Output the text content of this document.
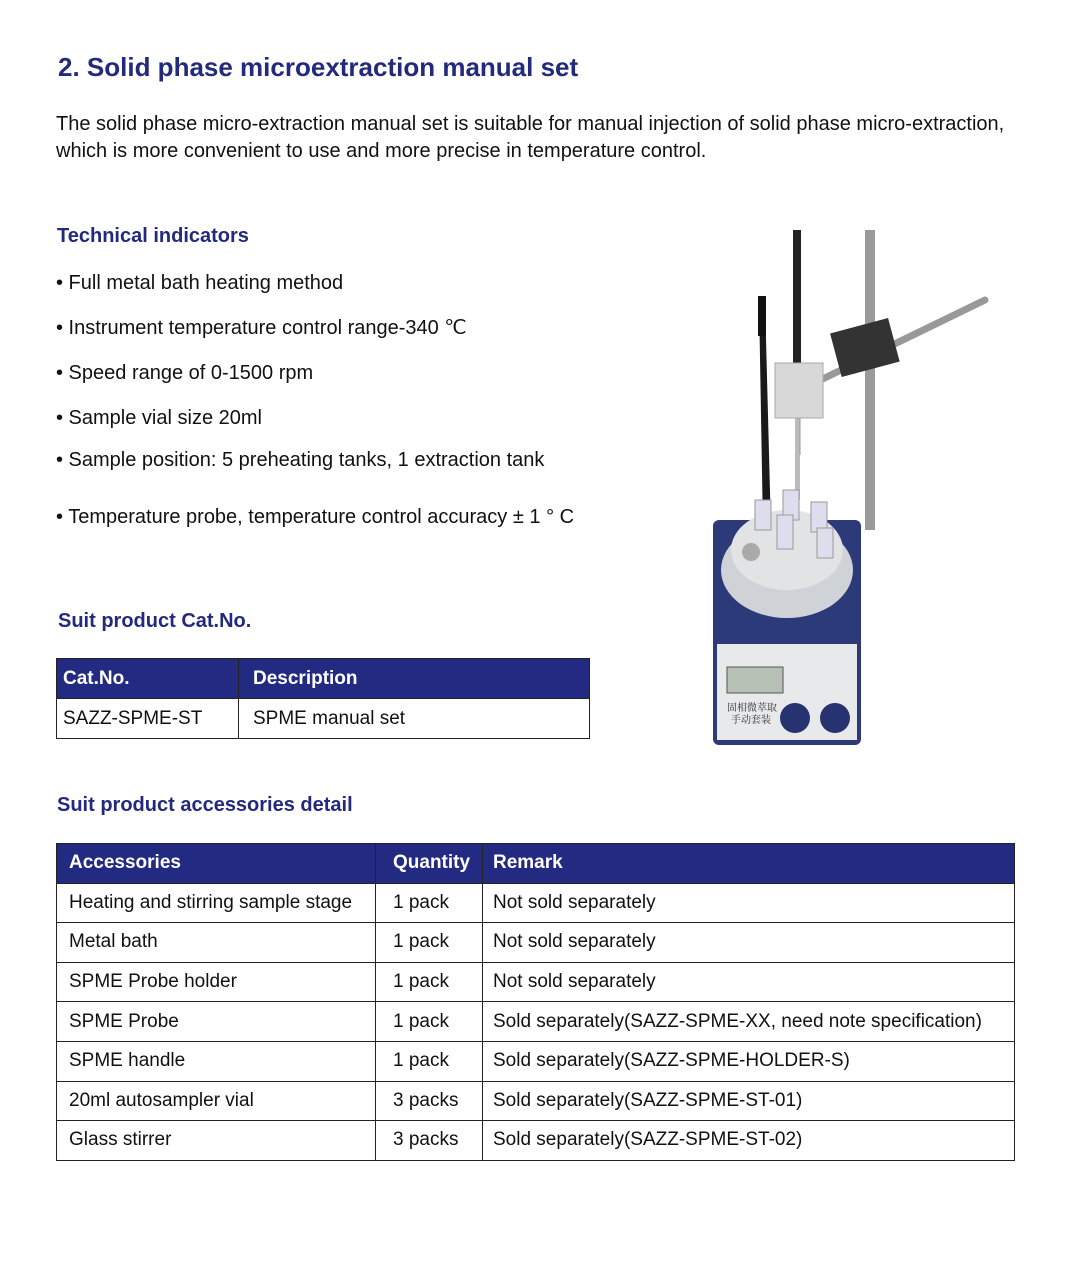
2. Solid phase microextraction manual set
The solid phase micro-extraction manual set is suitable for manual injection of solid phase micro-extraction, which is more convenient to use and more precise in temperature control.
Technical indicators
• Full metal bath heating method
• Instrument temperature control range-340 ℃
• Speed range of 0-1500 rpm
• Sample vial size 20ml
• Sample position: 5 preheating tanks, 1 extraction tank
• Temperature probe, temperature control accuracy ± 1 ° C
Suit product Cat.No.
Cat.No.	Description
SAZZ-SPME-ST	SPME manual set
Suit product accessories detail
Accessories	Quantity	Remark
Heating and stirring sample stage	1 pack	Not sold separately
Metal bath	1 pack	Not sold separately
SPME Probe holder	1 pack	Not sold separately
SPME Probe	1 pack	Sold separately(SAZZ-SPME-XX, need note specification)
SPME handle	1 pack	Sold separately(SAZZ-SPME-HOLDER-S)
20ml autosampler vial	3 packs	Sold separately(SAZZ-SPME-ST-01)
Glass stirrer	3 packs	Sold separately(SAZZ-SPME-ST-02)
固相微萃取
手动套装
